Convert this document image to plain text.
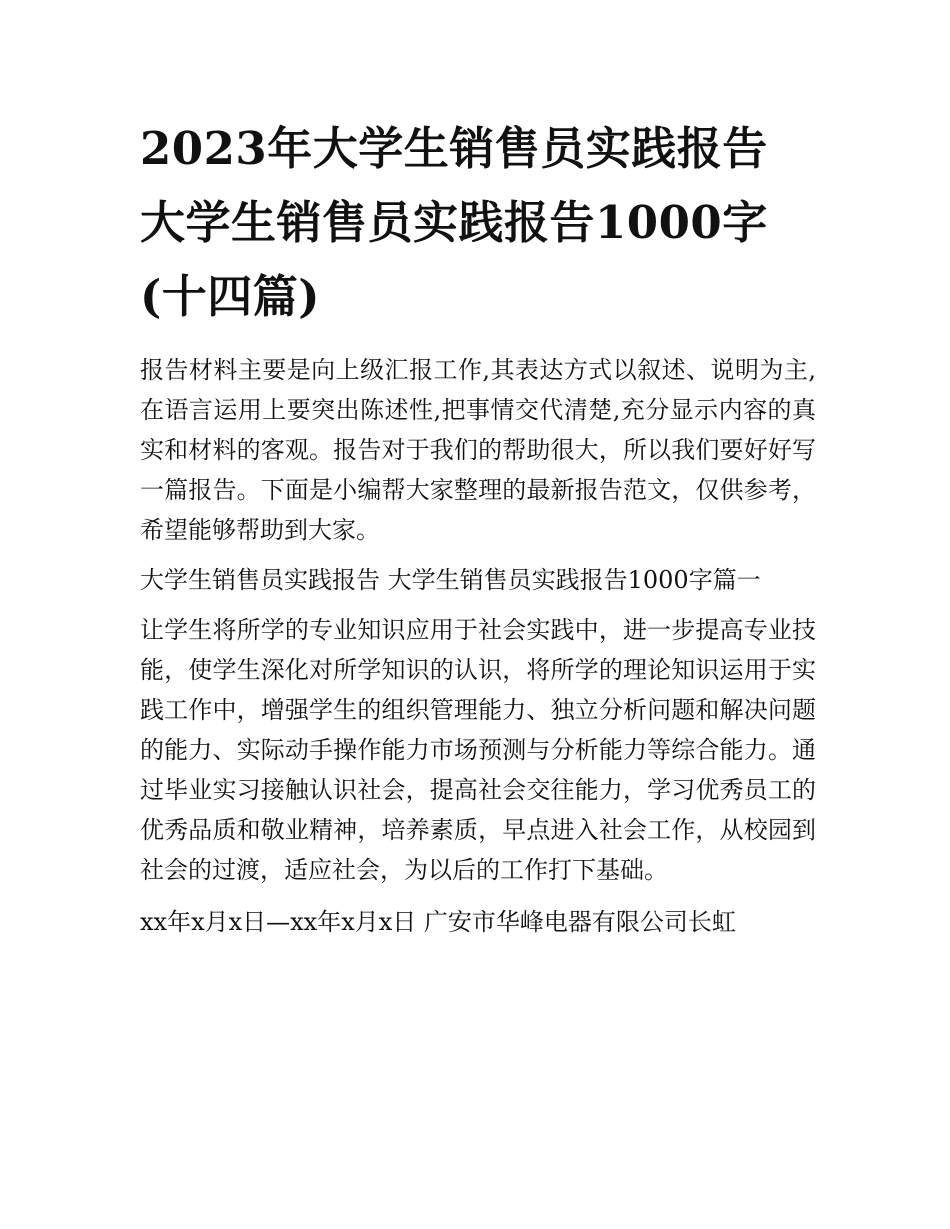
2023年大学生销售员实践报告 大学生销售员实践报告1000字(十四篇)
报告材料主要是向上级汇报工作,其表达方式以叙述、说明为主,在语言运用上要突出陈述性,把事情交代清楚,充分显示内容的真实和材料的客观。报告对于我们的帮助很大，所以我们要好好写一篇报告。下面是小编帮大家整理的最新报告范文，仅供参考，希望能够帮助到大家。
大学生销售员实践报告 大学生销售员实践报告1000字篇一
让学生将所学的专业知识应用于社会实践中，进一步提高专业技能，使学生深化对所学知识的认识，将所学的理论知识运用于实践工作中，增强学生的组织管理能力、独立分析问题和解决问题的能力、实际动手操作能力市场预测与分析能力等综合能力。通过毕业实习接触认识社会，提高社会交往能力，学习优秀员工的优秀品质和敬业精神，培养素质，早点进入社会工作，从校园到社会的过渡，适应社会，为以后的工作打下基础。
xx年x月x日—xx年x月x日 广安市华峰电器有限公司长虹
